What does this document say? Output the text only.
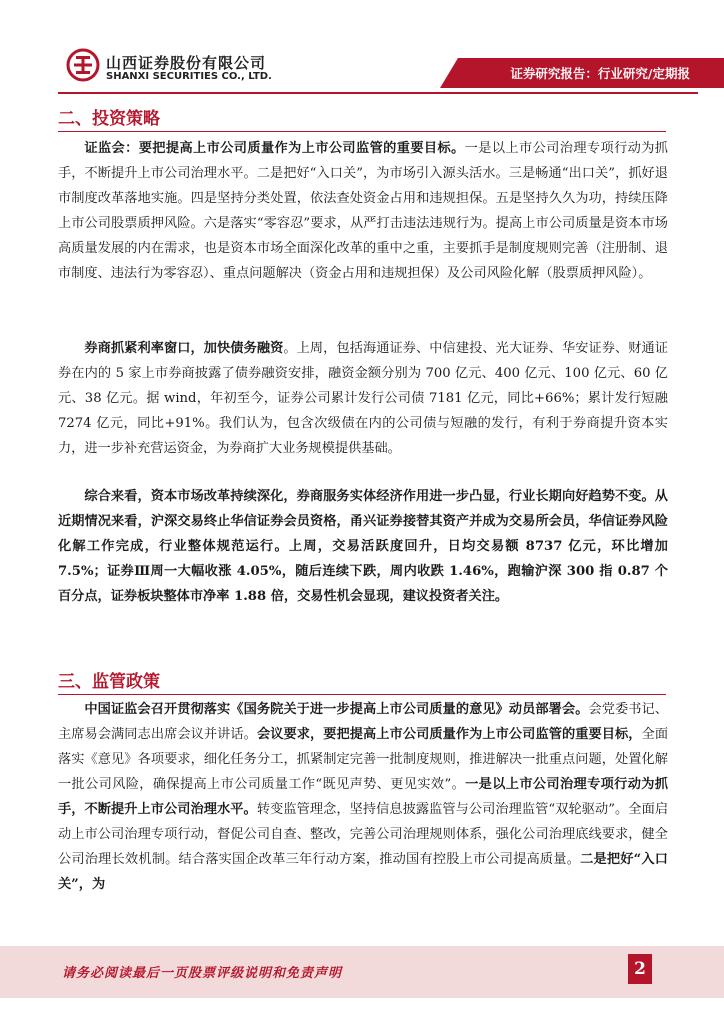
山西证券股份有限公司
SHANXI SECURITIES CO., LTD.	证券研究报告：行业研究/定期报
二、投资策略

证监会：要把提高上市公司质量作为上市公司监管的重要目标。一是以上市公司治理专项行动为抓手，不断提升上市公司治理水平。二是把好“入口关”，为市场引入源头活水。三是畅通“出口关”，抓好退市制度改革落地实施。四是坚持分类处置，依法查处资金占用和违规担保。五是坚持久久为功，持续压降上市公司股票质押风险。六是落实“零容忍”要求，从严打击违法违规行为。提高上市公司质量是资本市场高质量发展的内在需求，也是资本市场全面深化改革的重中之重，主要抓手是制度规则完善（注册制、退市制度、违法行为零容忍）、重点问题解决（资金占用和违规担保）及公司风险化解（股票质押风险）。

券商抓紧利率窗口，加快债务融资。上周，包括海通证券、中信建投、光大证券、华安证券、财通证券在内的 5 家上市券商披露了债券融资安排，融资金额分别为 700 亿元、400 亿元、100 亿元、60 亿元、38 亿元。据 wind，年初至今，证券公司累计发行公司债 7181 亿元，同比+66%；累计发行短融 7274 亿元，同比+91%。我们认为，包含次级债在内的公司债与短融的发行，有利于券商提升资本实力，进一步补充营运资金，为券商扩大业务规模提供基础。

综合来看，资本市场改革持续深化，券商服务实体经济作用进一步凸显，行业长期向好趋势不变。从近期情况来看，沪深交易终止华信证券会员资格，甬兴证券接替其资产并成为交易所会员，华信证券风险化解工作完成，行业整体规范运行。上周，交易活跃度回升，日均交易额 8737 亿元，环比增加 7.5%；证券Ⅲ周一大幅收涨 4.05%，随后连续下跌，周内收跌 1.46%，跑输沪深 300 指 0.87 个百分点，证券板块整体市净率 1.88 倍，交易性机会显现，建议投资者关注。

三、监管政策

中国证监会召开贯彻落实《国务院关于进一步提高上市公司质量的意见》动员部署会。会党委书记、主席易会满同志出席会议并讲话。会议要求，要把提高上市公司质量作为上市公司监管的重要目标，全面落实《意见》各项要求，细化任务分工，抓紧制定完善一批制度规则，推进解决一批重点问题，处置化解一批公司风险，确保提高上市公司质量工作“既见声势、更见实效”。一是以上市公司治理专项行动为抓手，不断提升上市公司治理水平。转变监管理念，坚持信息披露监管与公司治理监管“双轮驱动”。全面启动上市公司治理专项行动，督促公司自查、整改，完善公司治理规则体系，强化公司治理底线要求，健全公司治理长效机制。结合落实国企改革三年行动方案，推动国有控股上市公司提高质量。二是把好“入口关”，为

请务必阅读最后一页股票评级说明和免责声明	2
